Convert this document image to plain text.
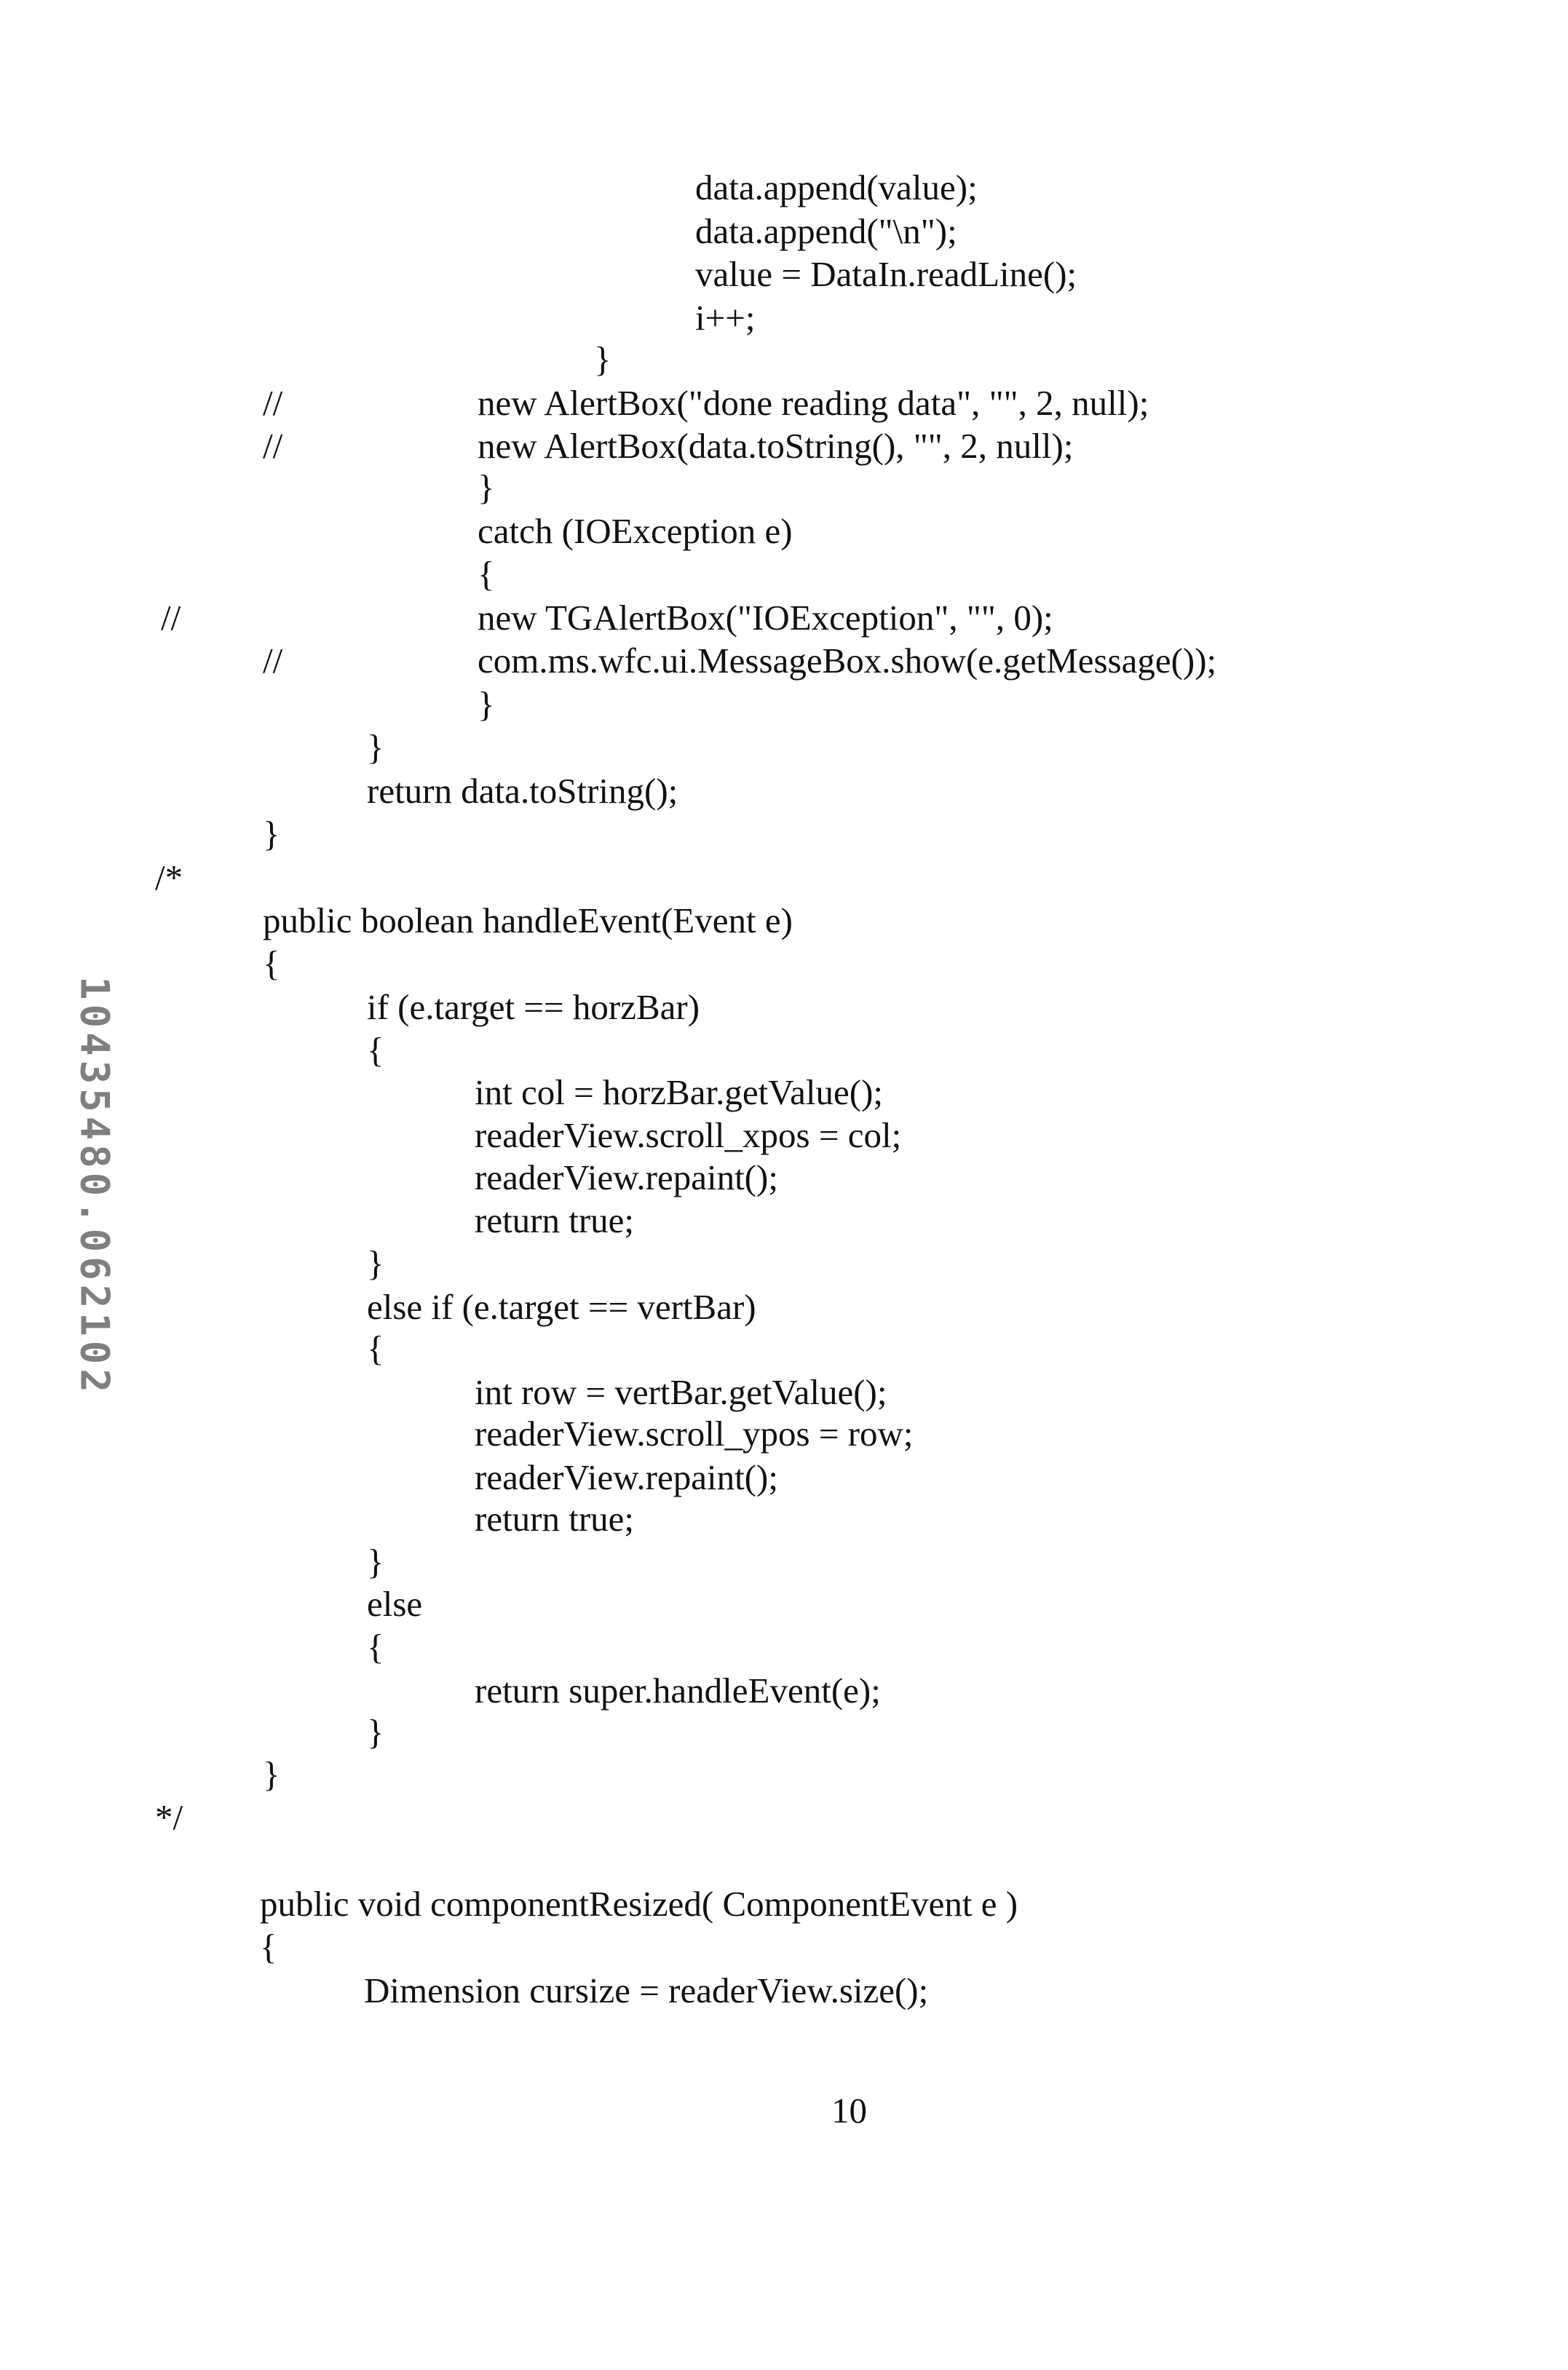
10435480.062102
data.append(value);
data.append("\n");
value = DataIn.readLine();
i++;
}
//	new AlertBox("done reading data", "", 2, null);
//	new AlertBox(data.toString(), "", 2, null);
}
catch (IOException e)
{
//	new TGAlertBox("IOException", "", 0);
//	com.ms.wfc.ui.MessageBox.show(e.getMessage());
}
}
return data.toString();
}
/*
public boolean handleEvent(Event e)
{
if (e.target == horzBar)
{
int col = horzBar.getValue();
readerView.scroll_xpos = col;
readerView.repaint();
return true;
}
else if (e.target == vertBar)
{
int row = vertBar.getValue();
readerView.scroll_ypos = row;
readerView.repaint();
return true;
}
else
{
return super.handleEvent(e);
}
}
*/
public void componentResized( ComponentEvent e )
{
Dimension cursize = readerView.size();
10
